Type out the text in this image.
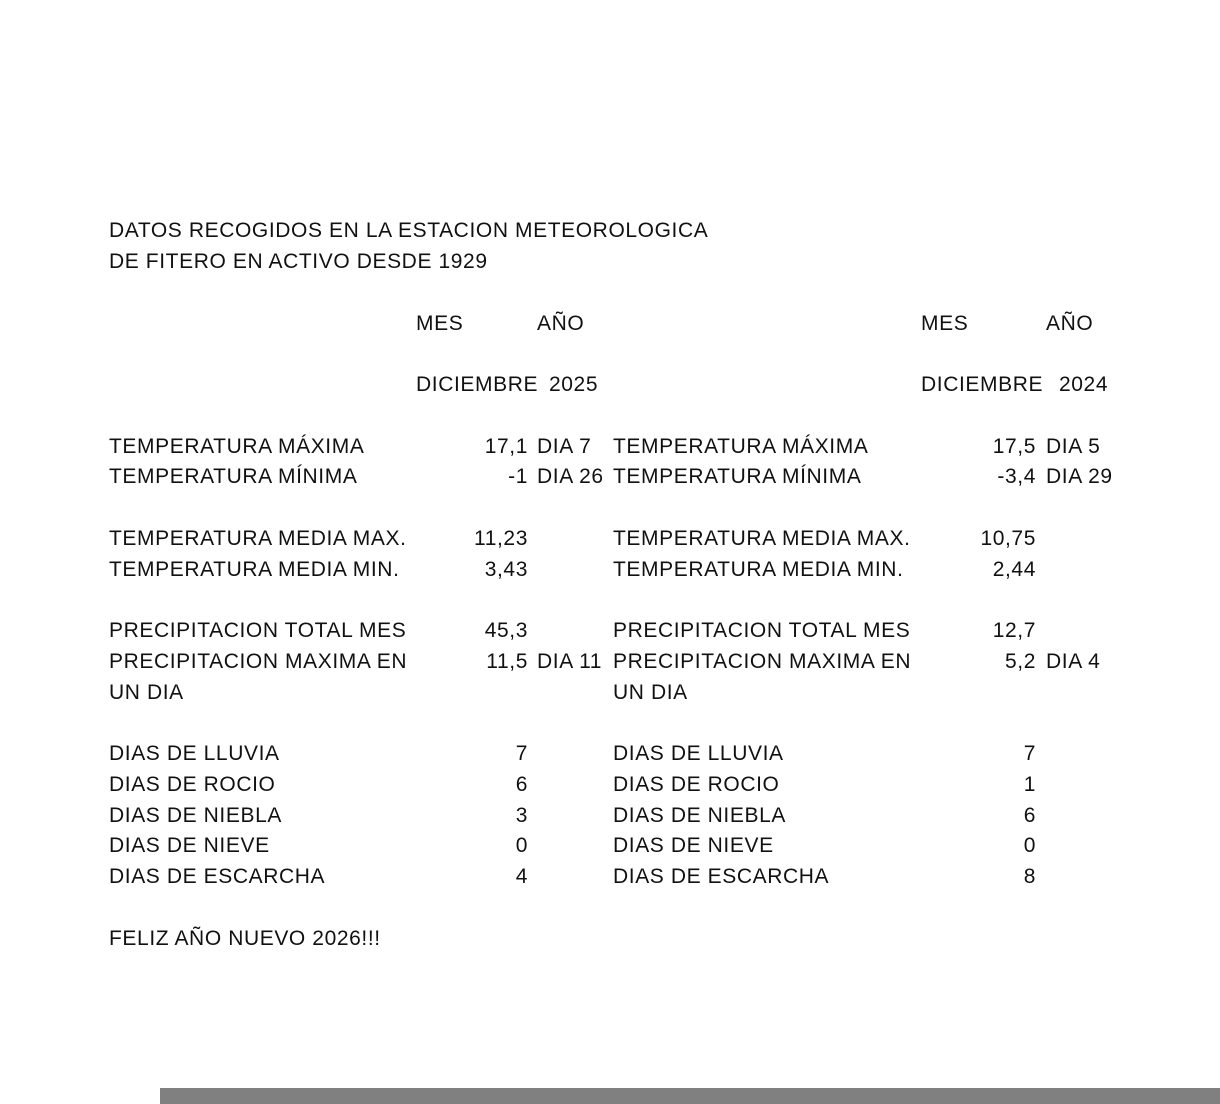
DATOS RECOGIDOS EN LA ESTACION METEOROLOGICA
DE FITERO EN ACTIVO DESDE 1929
MES	AÑO
DICIEMBRE 2025
MES	AÑO
DICIEMBRE 2024
TEMPERATURA MÁXIMA	17,1 DIA 7
TEMPERATURA MÍNIMA	-1 DIA 26
TEMPERATURA MEDIA MAX.	11,23
TEMPERATURA MEDIA MIN.	3,43
PRECIPITACION TOTAL MES	45,3
PRECIPITACION MAXIMA EN	11,5 DIA 11
UN DIA
DIAS DE LLUVIA	7
DIAS DE ROCIO	6
DIAS DE NIEBLA	3
DIAS DE NIEVE	0
DIAS DE ESCARCHA	4
TEMPERATURA MÁXIMA	17,5 DIA 5
TEMPERATURA MÍNIMA	-3,4 DIA 29
TEMPERATURA MEDIA MAX.	10,75
TEMPERATURA MEDIA MIN.	2,44
PRECIPITACION TOTAL MES	12,7
PRECIPITACION MAXIMA EN	5,2 DIA 4
UN DIA
DIAS DE LLUVIA	7
DIAS DE ROCIO	1
DIAS DE NIEBLA	6
DIAS DE NIEVE	0
DIAS DE ESCARCHA	8
FELIZ AÑO NUEVO 2026!!!
